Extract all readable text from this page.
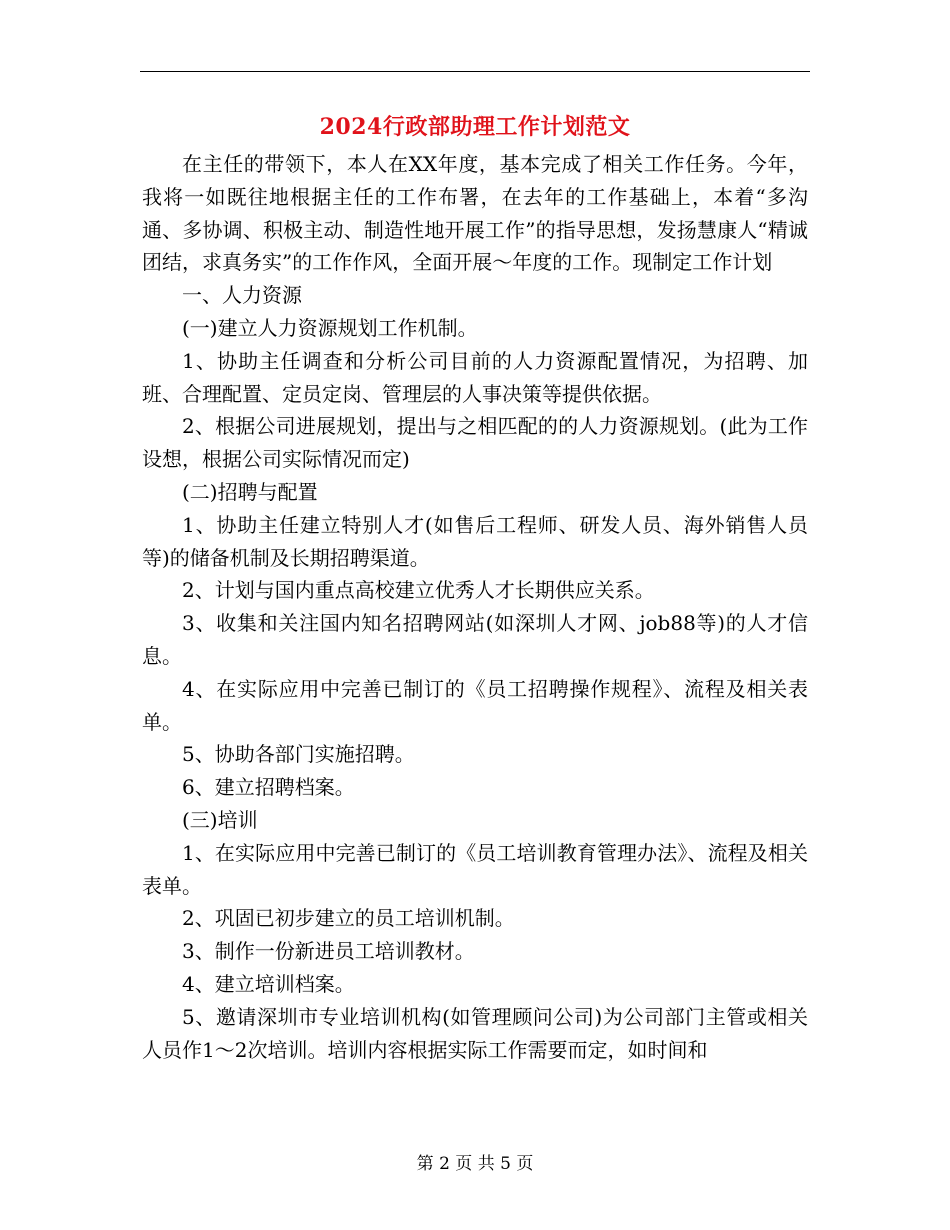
2024行政部助理工作计划范文

在主任的带领下，本人在XX年度，基本完成了相关工作任务。今年，我将一如既往地根据主任的工作布署，在去年的工作基础上，本着“多沟通、多协调、积极主动、制造性地开展工作”的指导思想，发扬慧康人“精诚团结，求真务实”的工作作风，全面开展～年度的工作。现制定工作计划

一、人力资源

(一)建立人力资源规划工作机制。

1、协助主任调查和分析公司目前的人力资源配置情况，为招聘、加班、合理配置、定员定岗、管理层的人事决策等提供依据。

2、根据公司进展规划，提出与之相匹配的的人力资源规划。(此为工作设想，根据公司实际情况而定)

(二)招聘与配置

1、协助主任建立特别人才(如售后工程师、研发人员、海外销售人员等)的储备机制及长期招聘渠道。

2、计划与国内重点高校建立优秀人才长期供应关系。

3、收集和关注国内知名招聘网站(如深圳人才网、job88等)的人才信息。

4、在实际应用中完善已制订的《员工招聘操作规程》、流程及相关表单。

5、协助各部门实施招聘。

6、建立招聘档案。

(三)培训

1、在实际应用中完善已制订的《员工培训教育管理办法》、流程及相关表单。

2、巩固已初步建立的员工培训机制。

3、制作一份新进员工培训教材。

4、建立培训档案。

5、邀请深圳市专业培训机构(如管理顾问公司)为公司部门主管或相关人员作1～2次培训。培训内容根据实际工作需要而定，如时间和

第 2 页 共 5 页
